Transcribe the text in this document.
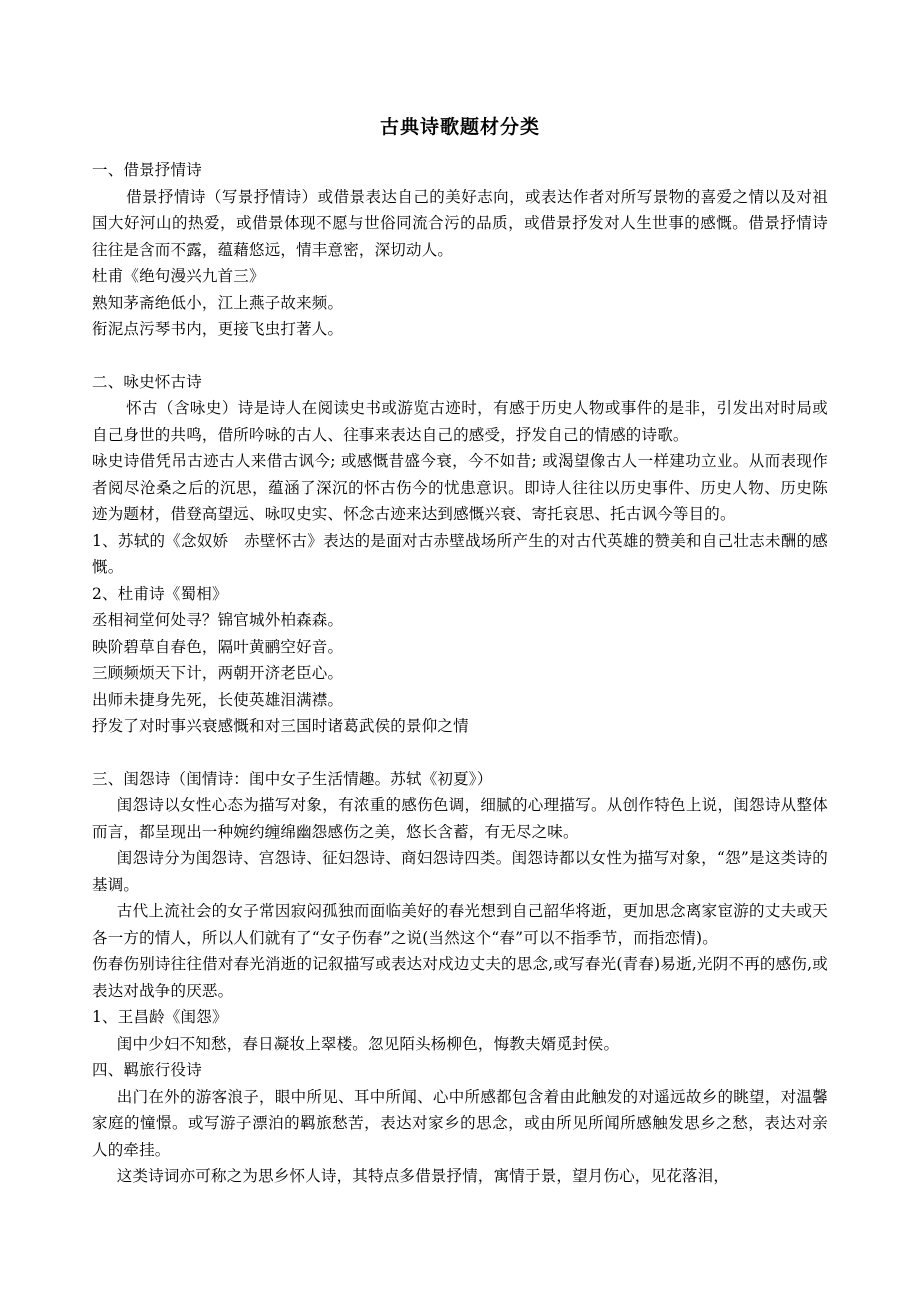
古典诗歌题材分类

一、借景抒情诗

借景抒情诗（写景抒情诗）或借景表达自己的美好志向，或表达作者对所写景物的喜爱之情以及对祖国大好河山的热爱，或借景体现不愿与世俗同流合污的品质，或借景抒发对人生世事的感慨。借景抒情诗往往是含而不露，蕴藉悠远，情丰意密，深切动人。

杜甫《绝句漫兴九首三》

熟知茅斋绝低小，江上燕子故来频。

衔泥点污琴书内，更接飞虫打著人。

二、咏史怀古诗

怀古（含咏史）诗是诗人在阅读史书或游览古迹时，有感于历史人物或事件的是非，引发出对时局或自己身世的共鸣，借所吟咏的古人、往事来表达自己的感受，抒发自己的情感的诗歌。

咏史诗借凭吊古迹古人来借古讽今; 或感慨昔盛今衰，今不如昔; 或渴望像古人一样建功立业。从而表现作者阅尽沧桑之后的沉思，蕴涵了深沉的怀古伤今的忧患意识。即诗人往往以历史事件、历史人物、历史陈迹为题材，借登高望远、咏叹史实、怀念古迹来达到感慨兴衰、寄托哀思、托古讽今等目的。

1、苏轼的《念奴娇　赤壁怀古》表达的是面对古赤壁战场所产生的对古代英雄的赞美和自己壮志未酬的感慨。

2、杜甫诗《蜀相》

丞相祠堂何处寻？锦官城外柏森森。

映阶碧草自春色，隔叶黄鹂空好音。

三顾频烦天下计，两朝开济老臣心。

出师未捷身先死，长使英雄泪满襟。

抒发了对时事兴衰感慨和对三国时诸葛武侯的景仰之情

三、闺怨诗（闺情诗：闺中女子生活情趣。苏轼《初夏》）

闺怨诗以女性心态为描写对象，有浓重的感伤色调，细腻的心理描写。从创作特色上说，闺怨诗从整体而言，都呈现出一种婉约缠绵幽怨感伤之美，悠长含蓄，有无尽之味。

闺怨诗分为闺怨诗、宫怨诗、征妇怨诗、商妇怨诗四类。闺怨诗都以女性为描写对象，“怨”是这类诗的基调。

古代上流社会的女子常因寂闷孤独而面临美好的春光想到自己韶华将逝，更加思念离家宦游的丈夫或天各一方的情人，所以人们就有了“女子伤春”之说(当然这个“春”可以不指季节，而指恋情)。

伤春伤别诗往往借对春光消逝的记叙描写或表达对戍边丈夫的思念,或写春光(青春)易逝,光阴不再的感伤,或表达对战争的厌恶。

1、王昌龄《闺怨》

闺中少妇不知愁，春日凝妆上翠楼。忽见陌头杨柳色，悔教夫婿觅封侯。

四、羁旅行役诗

出门在外的游客浪子，眼中所见、耳中所闻、心中所感都包含着由此触发的对遥远故乡的眺望，对温馨家庭的憧憬。或写游子漂泊的羁旅愁苦，表达对家乡的思念，或由所见所闻所感触发思乡之愁，表达对亲人的牵挂。

这类诗词亦可称之为思乡怀人诗，其特点多借景抒情，寓情于景，望月伤心，见花落泪，
